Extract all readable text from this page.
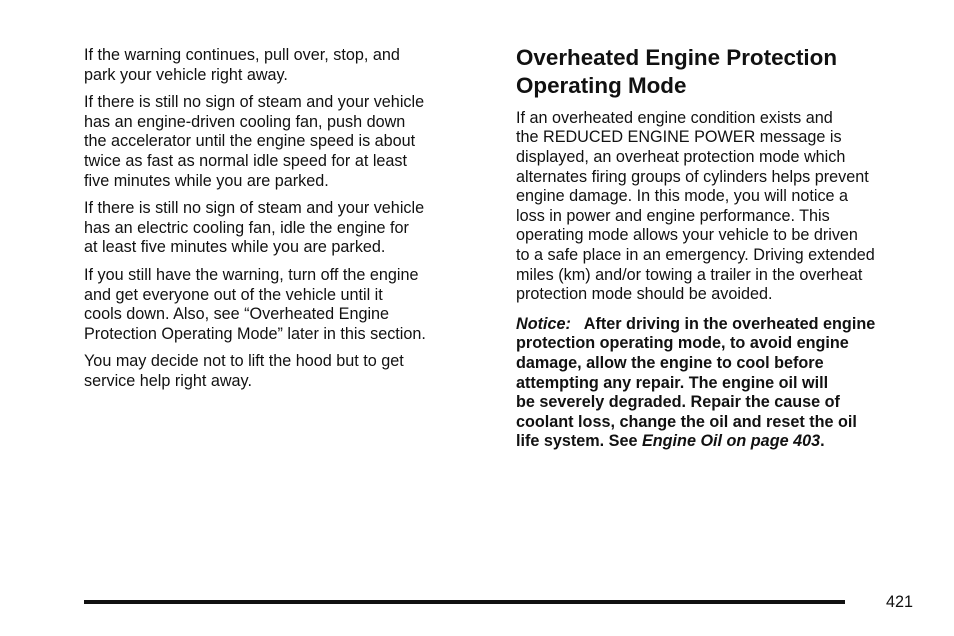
If the warning continues, pull over, stop, and
park your vehicle right away.

If there is still no sign of steam and your vehicle
has an engine-driven cooling fan, push down
the accelerator until the engine speed is about
twice as fast as normal idle speed for at least
five minutes while you are parked.

If there is still no sign of steam and your vehicle
has an electric cooling fan, idle the engine for
at least five minutes while you are parked.

If you still have the warning, turn off the engine
and get everyone out of the vehicle until it
cools down. Also, see “Overheated Engine
Protection Operating Mode” later in this section.

You may decide not to lift the hood but to get
service help right away.

Overheated Engine Protection
Operating Mode

If an overheated engine condition exists and
the REDUCED ENGINE POWER message is
displayed, an overheat protection mode which
alternates firing groups of cylinders helps prevent
engine damage. In this mode, you will notice a
loss in power and engine performance. This
operating mode allows your vehicle to be driven
to a safe place in an emergency. Driving extended
miles (km) and/or towing a trailer in the overheat
protection mode should be avoided.

Notice: After driving in the overheated engine
protection operating mode, to avoid engine
damage, allow the engine to cool before
attempting any repair. The engine oil will
be severely degraded. Repair the cause of
coolant loss, change the oil and reset the oil
life system. See Engine Oil on page 403.

421
